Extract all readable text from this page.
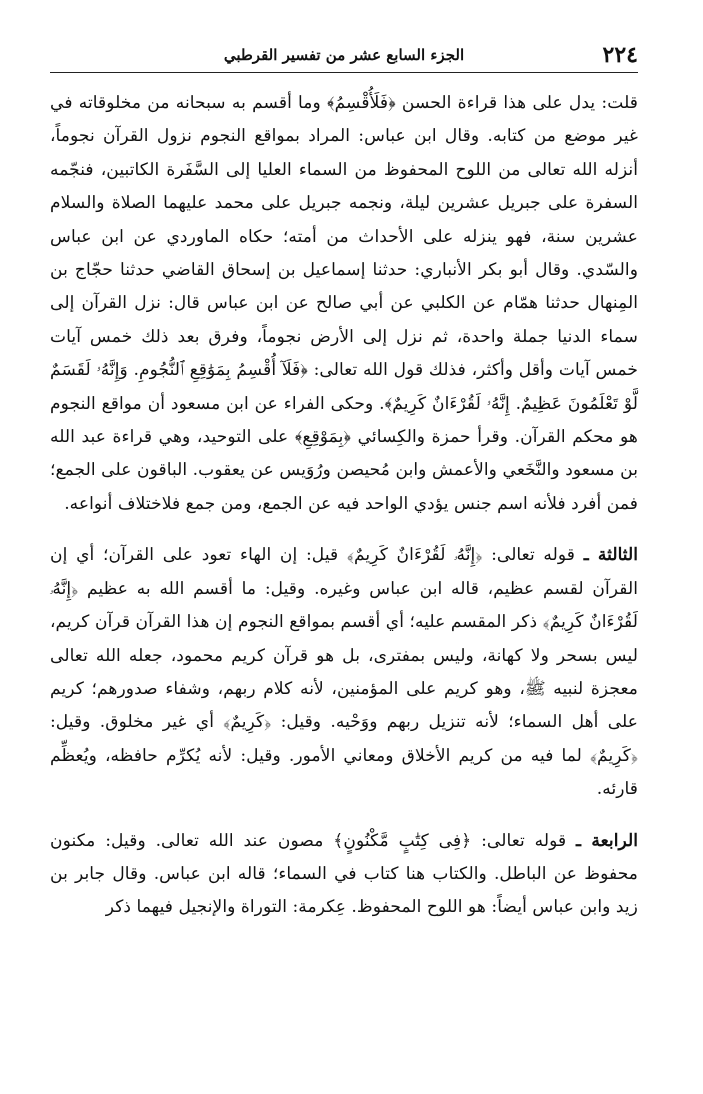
٢٢٤
الجزء السابع عشر من تفسير القرطبي

قلت: يدل على هذا قراءة الحسن ﴿فَلَأُقْسِمُ﴾ وما أقسم به سبحانه من مخلوقاته في غير موضع من كتابه. وقال ابن عباس: المراد بمواقع النجوم نزول القرآن نجوماً، أنزله الله تعالى من اللوح المحفوظ من السماء العليا إلى السَّفَرة الكاتبين، فنجّمه السفرة على جبريل عشرين ليلة، ونجمه جبريل على محمد عليهما الصلاة والسلام عشرين سنة، فهو ينزله على الأحداث من أمته؛ حكاه الماوردي عن ابن عباس والسّدي. وقال أبو بكر الأنباري: حدثنا إسماعيل بن إسحاق القاضي حدثنا حجّاج بن المِنهال حدثنا همّام عن الكلبي عن أبي صالح عن ابن عباس قال: نزل القرآن إلى سماء الدنيا جملة واحدة، ثم نزل إلى الأرض نجوماً، وفرق بعد ذلك خمس آيات خمس آيات وأقل وأكثر، فذلك قول الله تعالى: ﴿فَلَآ أُقْسِمُ بِمَوَٰقِعِ ٱلنُّجُومِ. وَإِنَّهُۥ لَقَسَمٌ لَّوْ تَعْلَمُونَ عَظِيمٌ. إِنَّهُۥ لَقُرْءَانٌ كَرِيمٌ﴾. وحكى الفراء عن ابن مسعود أن مواقع النجوم هو محكم القرآن. وقرأ حمزة والكِسائي ﴿بِمَوْقِعِ﴾ على التوحيد، وهي قراءة عبد الله بن مسعود والنَّخَعي والأعمش وابن مُحيصن ورُوَيس عن يعقوب. الباقون على الجمع؛ فمن أفرد فلأنه اسم جنس يؤدي الواحد فيه عن الجمع، ومن جمع فلاختلاف أنواعه.

الثالثة ـ قوله تعالى: ﴿إِنَّهُۥ لَقُرْءَانٌ كَرِيمٌ﴾ قيل: إن الهاء تعود على القرآن؛ أي إن القرآن لقسم عظيم، قاله ابن عباس وغيره. وقيل: ما أقسم الله به عظيم ﴿إِنَّهُۥ لَقُرْءَانٌ كَرِيمٌ﴾ ذكر المقسم عليه؛ أي أقسم بمواقع النجوم إن هذا القرآن قرآن كريم، ليس بسحر ولا كهانة، وليس بمفترى، بل هو قرآن كريم محمود، جعله الله تعالى معجزة لنبيه ﷺ، وهو كريم على المؤمنين، لأنه كلام ربهم، وشفاء صدورهم؛ كريم على أهل السماء؛ لأنه تنزيل ربهم ووَحْيه. وقيل: ﴿كَرِيمٌ﴾ أي غير مخلوق. وقيل: ﴿كَرِيمٌ﴾ لما فيه من كريم الأخلاق ومعاني الأمور. وقيل: لأنه يُكرِّم حافظه، ويُعظِّم قارئه.

الرابعة ـ قوله تعالى: ﴿فِى كِتَٰبٍ مَّكْنُونٍ﴾ مصون عند الله تعالى. وقيل: مكنون محفوظ عن الباطل. والكتاب هنا كتاب في السماء؛ قاله ابن عباس. وقال جابر بن زيد وابن عباس أيضاً: هو اللوح المحفوظ. عِكرمة: التوراة والإنجيل فيهما ذكر
